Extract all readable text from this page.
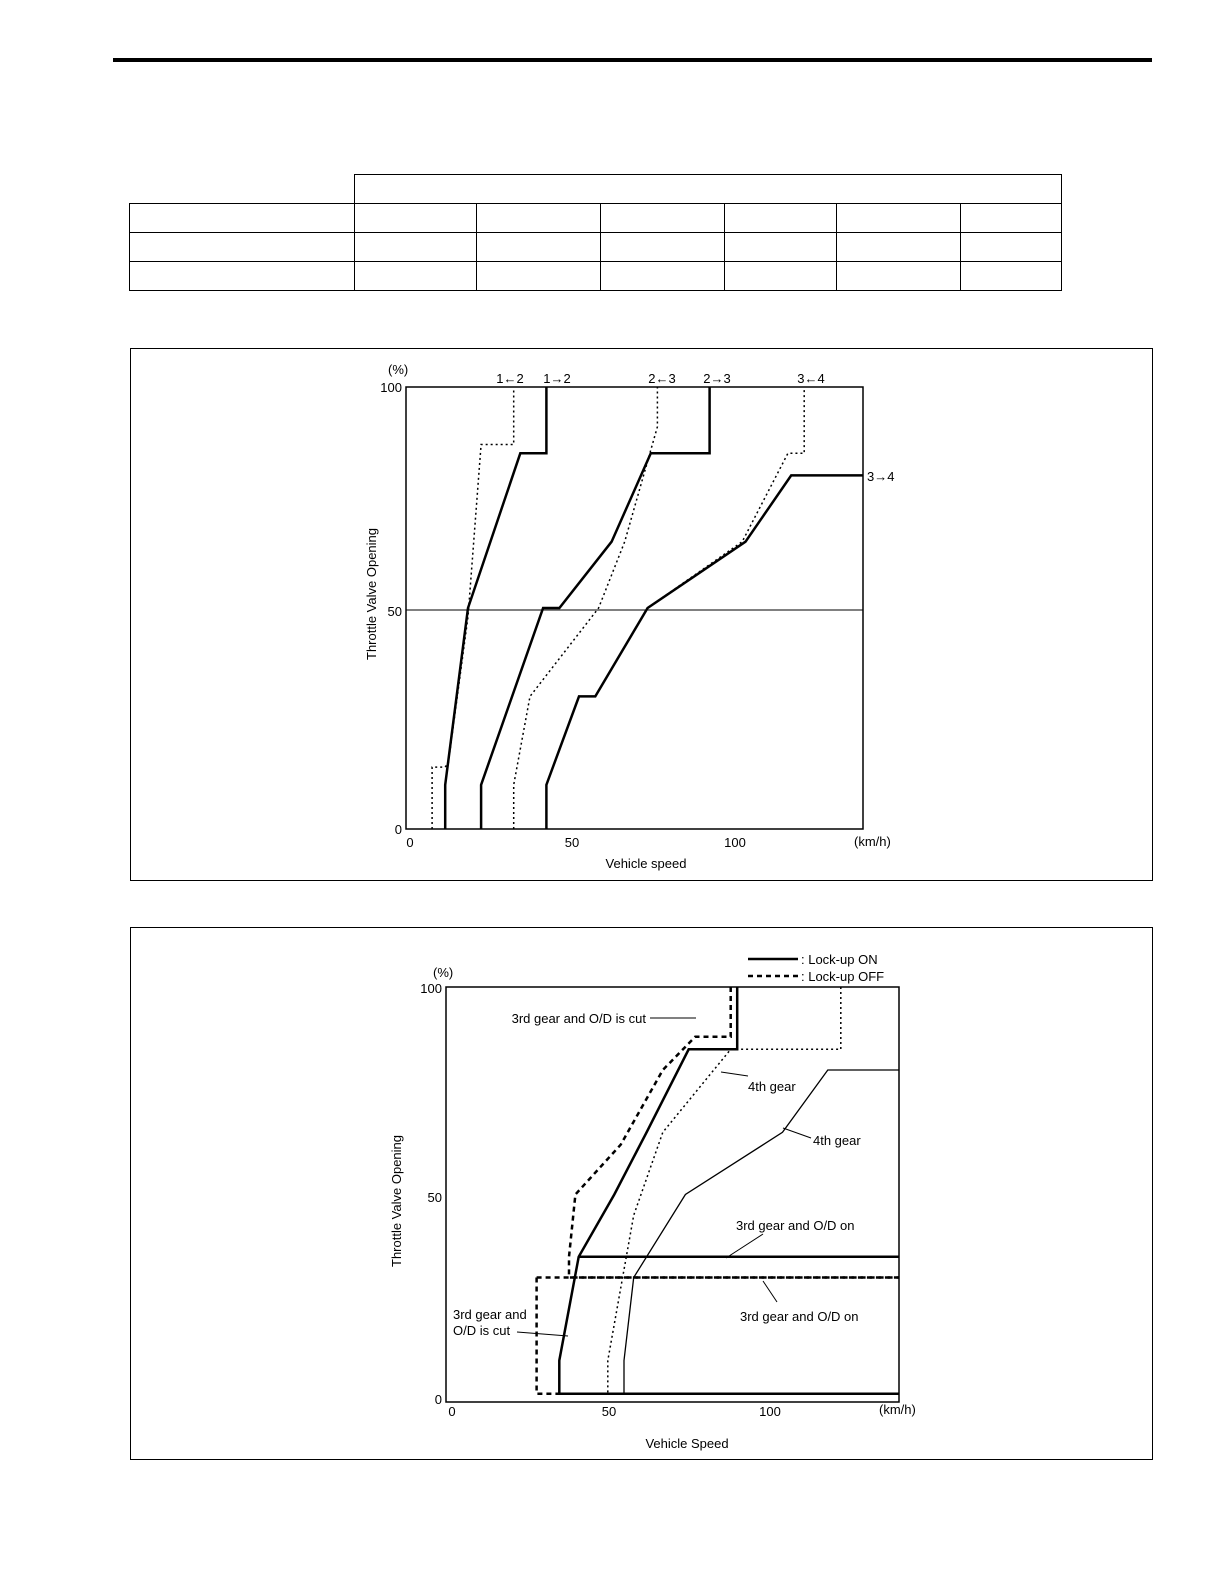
(%)
100
50
0
0	50	100	(km/h)
Vehicle speed
Throttle Valve Opening
1←2 1→2	2←3 2→3	3←4
3→4
: Lock-up ON
: Lock-up OFF
(%)
100
50
0
0	50	100	(km/h)
Vehicle Speed
Throttle Valve Opening
3rd gear and O/D is cut
4th gear
4th gear
3rd gear and O/D on
3rd gear and O/D on
3rd gear and
O/D is cut
